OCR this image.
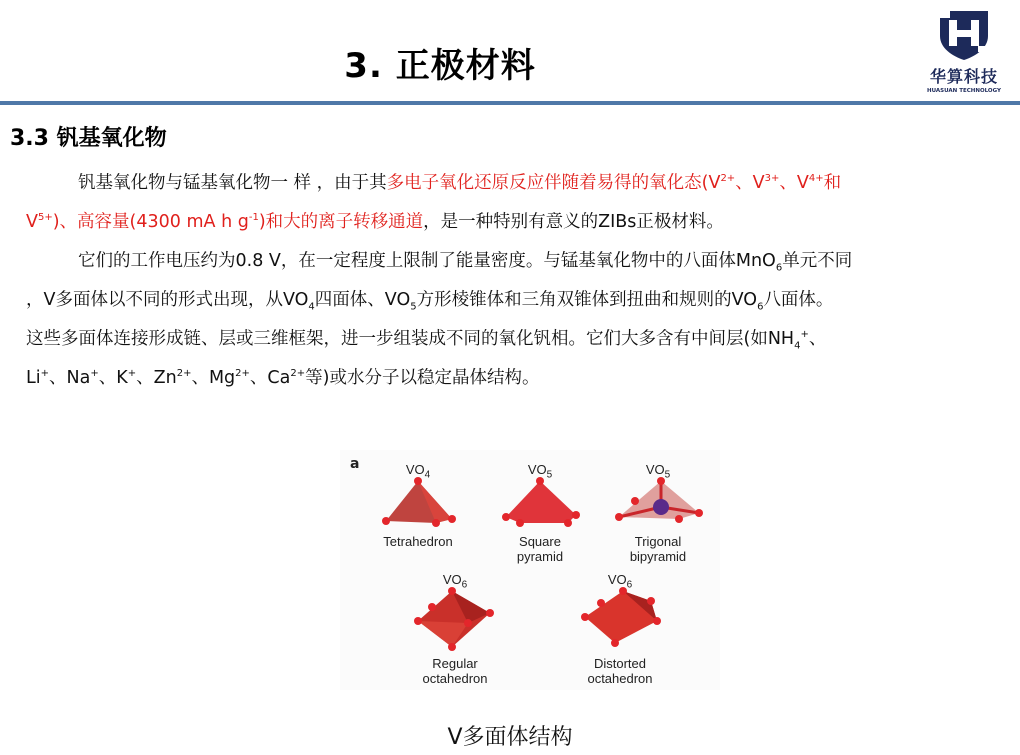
3. 正极材料	华算科技
HUASUAN TECHNOLOGY
3.3 钒基氧化物
钒基氧化物与锰基氧化物一 样 ，由于其多电子氧化还原反应伴随着易得的氧化态($V^{2+}$、$V^{3+}$、$V^{4+}$和
$V^{5+}$)、高容量(4300 mA h $g^{-1}$)和大的离子转移通道，是一种特别有意义的ZIBs正极材料。
它们的工作电压约为0.8 V，在一定程度上限制了能量密度。与锰基氧化物中的八面体MnO$_6$单元不同
，V多面体以不同的形式出现，从$VO_4$四面体、$VO_5$方形棱锥体和三角双锥体到扭曲和规则的$VO_6$八面体。
这些多面体连接形成链、层或三维框架，进一步组装成不同的氧化钒相。它们大多含有中间层(如$NH_4^+$、
Li+、Na+、K+、$Zn^{2+}$、$Mg^{2+}$、$Ca^{2+}$等)或水分子以稳定晶体结构。
a	$VO_4$
Tetrahedron
$VO_5$
Square
pyramid
$VO_5$
Trigonal
bipyramid
$VO_6$
Regular
octahedron
$VO_6$
Distorted
octahedron
V多面体结构
